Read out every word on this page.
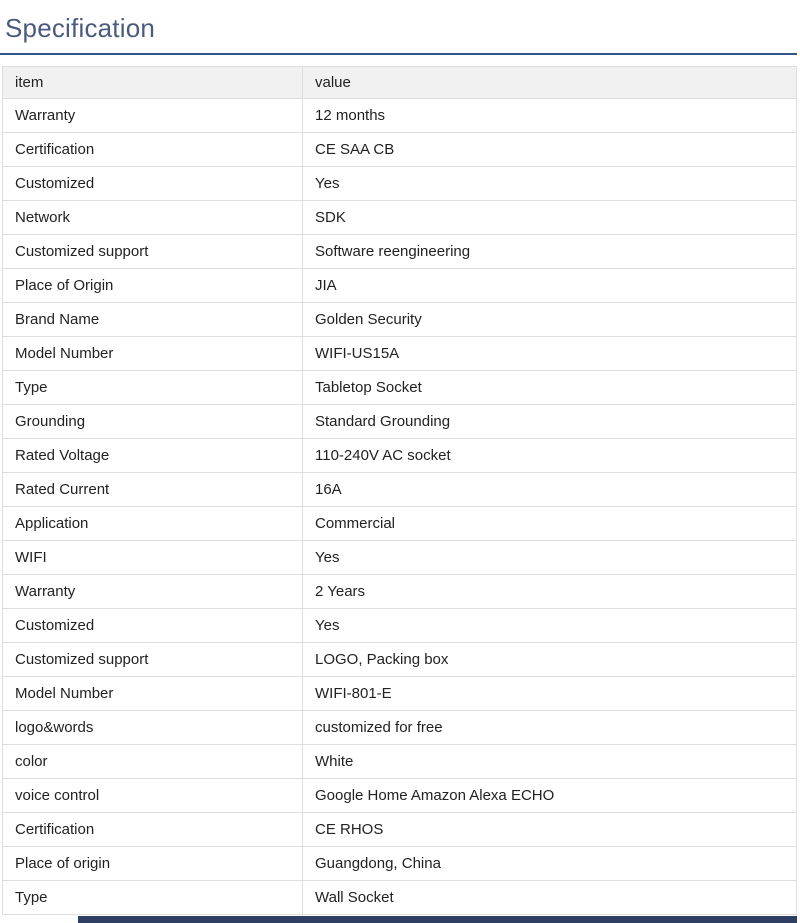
Specification
item	value
Warranty	12 months
Certification	CE SAA CB
Customized	Yes
Network	SDK
Customized support	Software reengineering
Place of Origin	JIA
Brand Name	Golden Security
Model Number	WIFI-US15A
Type	Tabletop Socket
Grounding	Standard Grounding
Rated Voltage	110-240V AC socket
Rated Current	16A
Application	Commercial
WIFI	Yes
Warranty	2 Years
Customized	Yes
Customized support	LOGO, Packing box
Model Number	WIFI-801-E
logo&words	customized for free
color	White
voice control	Google Home Amazon Alexa ECHO
Certification	CE RHOS
Place of origin	Guangdong, China
Type	Wall Socket
